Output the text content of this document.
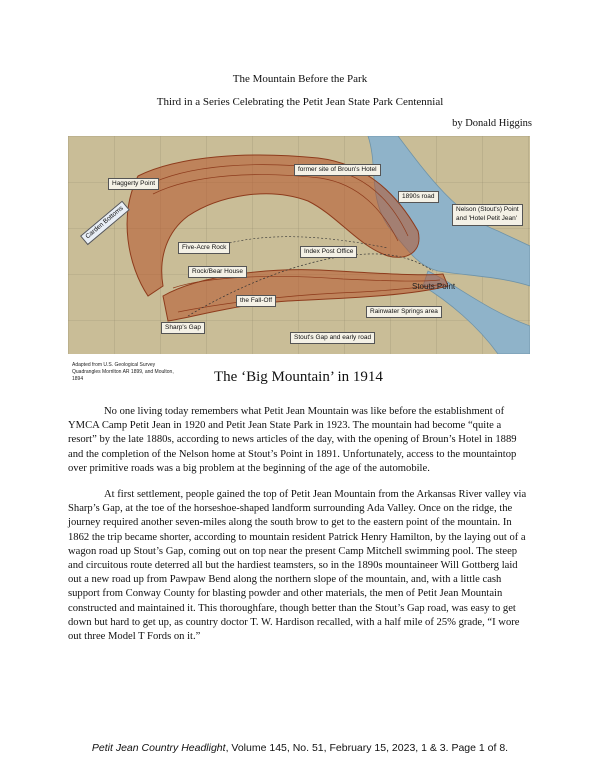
The Mountain Before the Park
Third in a Series Celebrating the Petit Jean State Park Centennial
by Donald Higgins
Carden Bottoms
Haggerty Point
former site of Broun's Hotel
1890s road
Nelson (Stout's) Point
and 'Hotel Petit Jean'
Five-Acre Rock
Index Post Office
Rock/Bear House
the Fall-Off
Rainwater Springs area
Sharp's Gap
Stout's Gap and early road
Stouts Point
Adapted from U.S. Geological Survey Quadrangles Morrilton AR 1899, and Moulton, 1894	The ‘Big Mountain’ in 1914

No one living today remembers what Petit Jean Mountain was like before the establishment of YMCA Camp Petit Jean in 1920 and Petit Jean State Park in 1923. The mountain had become “quite a resort” by the late 1880s, according to news articles of the day, with the opening of Broun’s Hotel in 1889 and the completion of the Nelson home at Stout’s Point in 1891. Unfortunately, access to the mountaintop over primitive roads was a big problem at the beginning of the age of the automobile.

At first settlement, people gained the top of Petit Jean Mountain from the Arkansas River valley via Sharp’s Gap, at the toe of the horseshoe-shaped landform surrounding Ada Valley. Once on the ridge, the journey required another seven-miles along the south brow to get to the eastern point of the mountain. In 1862 the trip became shorter, according to mountain resident Patrick Henry Hamilton, by the laying out of a wagon road up Stout’s Gap, coming out on top near the present Camp Mitchell swimming pool. The steep and circuitous route deterred all but the hardiest teamsters, so in the 1890s mountaineer Will Gottberg laid out a new road up from Pawpaw Bend along the northern slope of the mountain, and, with a little cash support from Conway County for blasting powder and other materials, the men of Petit Jean Mountain constructed and maintained it. This thoroughfare, though better than the Stout’s Gap road, was easy to get down but hard to get up, as country doctor T. W. Hardison recalled, with a half mile of 25% grade, “I wore out three Model T Fords on it.”

Petit Jean Country Headlight, Volume 145, No. 51, February 15, 2023, 1 & 3. Page 1 of 8.
